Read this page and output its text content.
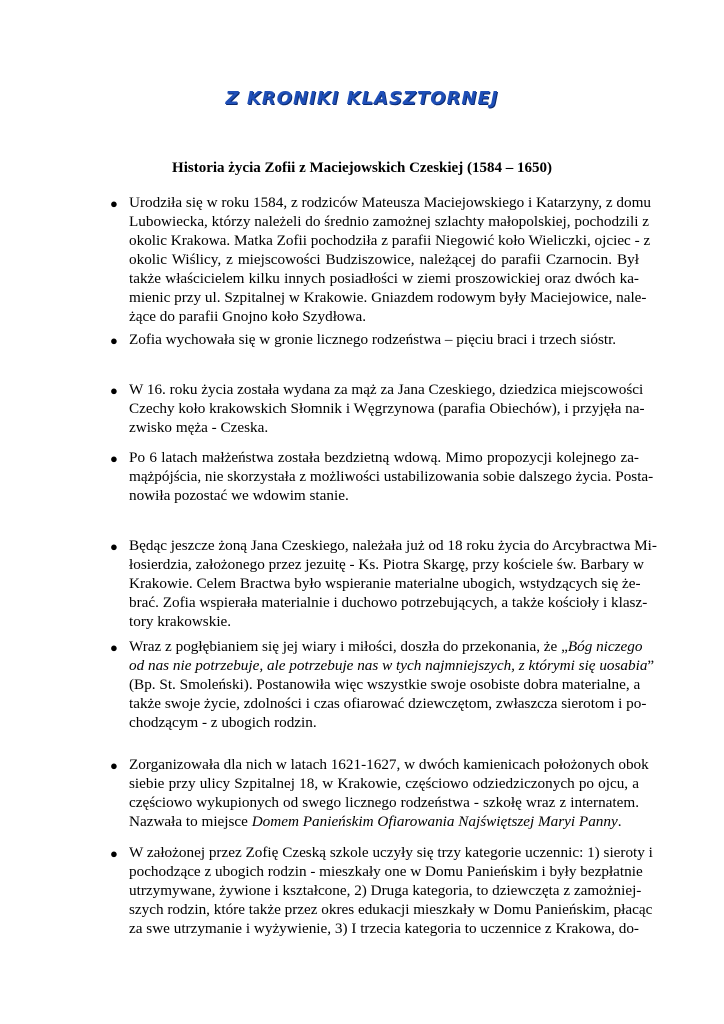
Z KRONIKI KLASZTORNEJ
Historia życia Zofii z Maciejowskich Czeskiej (1584 – 1650)
● Urodziła się w roku 1584, z rodziców Mateusza Maciejowskiego i Katarzyny, z domu
Lubowiecka, którzy należeli do średnio zamożnej szlachty małopolskiej, pochodzili z
okolic Krakowa. Matka Zofii pochodziła z parafii Niegowić koło Wieliczki, ojciec - z
okolic Wiślicy, z miejscowości Budziszowice, należącej do parafii Czarnocin. Był
także właścicielem kilku innych posiadłości w ziemi proszowickiej oraz dwóch ka-
mienic przy ul. Szpitalnej w Krakowie. Gniazdem rodowym były Maciejowice, nale-
żące do parafii Gnojno koło Szydłowa.
● Zofia wychowała się w gronie licznego rodzeństwa – pięciu braci i trzech sióstr.
● W 16. roku życia została wydana za mąż za Jana Czeskiego, dziedzica miejscowości
Czechy koło krakowskich Słomnik i Węgrzynowa (parafia Obiechów), i przyjęła na-
zwisko męża - Czeska.
● Po 6 latach małżeństwa została bezdzietną wdową. Mimo propozycji kolejnego za-
mążpójścia, nie skorzystała z możliwości ustabilizowania sobie dalszego życia. Posta-
nowiła pozostać we wdowim stanie.
● Będąc jeszcze żoną Jana Czeskiego, należała już od 18 roku życia do Arcybractwa Mi-
łosierdzia, założonego przez jezuitę - Ks. Piotra Skargę, przy kościele św. Barbary w
Krakowie. Celem Bractwa było wspieranie materialne ubogich, wstydzących się że-
brać. Zofia wspierała materialnie i duchowo potrzebujących, a także kościoły i klasz-
tory krakowskie.
● Wraz z pogłębianiem się jej wiary i miłości, doszła do przekonania, że „Bóg niczego
od nas nie potrzebuje, ale potrzebuje nas w tych najmniejszych, z którymi się uosabia”
(Bp. St. Smoleński). Postanowiła więc wszystkie swoje osobiste dobra materialne, a
także swoje życie, zdolności i czas ofiarować dziewczętom, zwłaszcza sierotom i po-
chodzącym - z ubogich rodzin.
● Zorganizowała dla nich w latach 1621-1627, w dwóch kamienicach położonych obok
siebie przy ulicy Szpitalnej 18, w Krakowie, częściowo odziedziczonych po ojcu, a
częściowo wykupionych od swego licznego rodzeństwa - szkołę wraz z internatem.
Nazwała to miejsce Domem Panieńskim Ofiarowania Najświętszej Maryi Panny.
● W założonej przez Zofię Czeską szkole uczyły się trzy kategorie uczennic: 1) sieroty i
pochodzące z ubogich rodzin - mieszkały one w Domu Panieńskim i były bezpłatnie
utrzymywane, żywione i kształcone, 2) Druga kategoria, to dziewczęta z zamożniej-
szych rodzin, które także przez okres edukacji mieszkały w Domu Panieńskim, płacąc
za swe utrzymanie i wyżywienie, 3) I trzecia kategoria to uczennice z Krakowa, do-
